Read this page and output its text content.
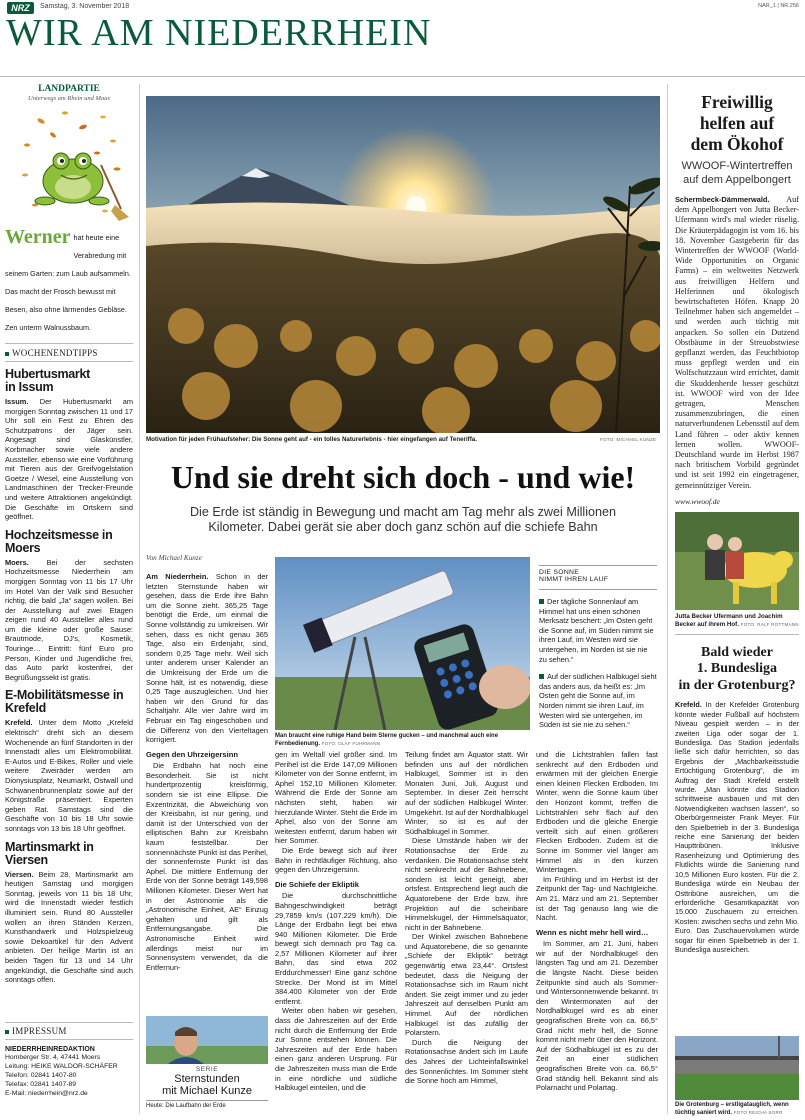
NRZ	Samstag, 3. November 2018	NAR_1 | NR.256
WIR AM NIEDERRHEIN
LANDPARTIE
Unterwegs am Rhein und Maas
Werner hat heute eine Verabredung mit seinem Garten: zum Laub aufsammeln. Das macht der Frosch bewusst mit Besen, also ohne lärmendes Gebläse. Zen unterm Walnussbaum.
WOCHENENDTIPPS
Hubertusmarkt in Issum
Issum. Der Hubertusmarkt am morgigen Sonntag zwischen 11 und 17 Uhr soll ein Fest zu Ehren des Schutzpatrons der Jäger sein. Angesagt sind Glaskünstler, Korbmacher sowie viele andere Aussteller, ebenso wie eine Vorführung mit Tieren aus der Greifvogelstation Goetze / Wesel, eine Ausstellung von Landmaschinen der Trecker-Freunde und weitere Attraktionen angekündigt. Die Geschäfte im Ortskern sind geöffnet.
Hochzeitsmesse in Moers
Moers. Bei der sechsten Hochzeitsmesse Niederrhein am morgigen Sonntag von 11 bis 17 Uhr im Hotel Van der Valk sind Besucher richtig, die bald „Ja“ sagen wollen. Bei der Ausstellung auf zwei Etagen zeigen rund 40 Aussteller alles rund um die kleine oder große Sause: Brautmode, DJ's, Kosmetik, Touringe… Eintritt: fünf Euro pro Person, Kinder und Jugendliche frei, das Auto parkt kostenfrei, der Begrüßungssekt ist gratis.
E-Mobilitätsmesse in Krefeld
Krefeld. Unter dem Motto „Krefeld elektrisch“ dreht sich an diesem Wochenende an fünf Standorten in der Innenstadt alles um Elektromobilität. E-Autos und E-Bikes, Roller und viele weitere Zweiräder werden am Dionysiusplatz, Neumarkt, Ostwall und Schwanenbrunnenplatz sowie auf der Königstraße präsentiert. Experten geben Rat. Samstags sind die Geschäfte von 10 bis 18 Uhr sowie sonntags von 13 bis 18 Uhr geöffnet.
Martinsmarkt in Viersen
Viersen. Beim 28. Martinsmarkt am heutigen Samstag und morgigen Sonntag, jeweils von 11 bis 18 Uhr, wird die Innenstadt wieder festlich illuminiert sein. Rund 80 Aussteller wollen an ihren Ständen Kerzen, Kunsthandwerk und Holzspielzeug sowie Dekoartikel für den Advent anbieten. Der heilige Martin ist an beiden Tagen für 13 und 14 Uhr angekündigt, die Geschäfte sind auch sonntags offen.
IMPRESSUM
NIEDERRHEINREDAKTION
Homberger Str. 4, 47441 Moers
Leitung: HEIKE WALDOR-SCHÄFER
Telefon: 02841 1407-80
Telefax: 02841 1407-89
E-Mail: niederrhein@nrz.de
Motivation für jeden Frühaufsteher: Die Sonne geht auf - ein tolles Naturerlebnis - hier eingefangen auf Teneriffa.	FOTO: MICHAEL KUNZE
Und sie dreht sich doch - und wie!
Die Erde ist ständig in Bewegung und macht am Tag mehr als zwei Millionen
Kilometer. Dabei gerät sie aber doch ganz schön auf die schiefe Bahn
Von Michael Kunze

Am Niederrhein. Schon in der letzten Sternstunde haben wir gesehen, dass die Erde ihre Bahn um die Sonne zieht. 365,25 Tage benötigt die Erde, um einmal die Sonne vollständig zu umkreisen. Wir sehen, dass es nicht genau 365 Tage, also ein Erdenjahr, sind, sondern 0,25 Tage mehr. Weil sich unter anderem unser Kalender an die Umkreisung der Erde um die Sonne hält, ist es notwendig, diese 0,25 Tage auszugleichen. Und hier haben wir den Grund für das Schaltjahr. Alle vier Jahre wird im Februar ein Tag eingeschoben und die Differenz von den Vierteltagen korrigiert.

Gegen den Uhrzeigersinn

Die Erdbahn hat noch eine Besonderheit. Sie ist nicht hundertprozentig kreisförmig, sondern sie ist eine Ellipse. Die Exzentrizität, die Abweichung von der Kreisbahn, ist nur gering, und damit ist der Unterschied von der elliptischen Bahn zur Kreisbahn kaum feststellbar. Der sonnennächste Punkt ist das Perihel, der sonnenfernste Punkt ist das Aphel. Die mittlere Entfernung der Erde von der Sonne beträgt 149,598 Millionen Kilometer. Dieser Wert hat in der Astronomie als die „Astronomische Einheit, AE“ Einzug gehalten und gilt als Entfernungsangabe. Die Astronomische Einheit wird allerdings meist nur im Sonnensystem verwendet, da die Entfernun-

Man braucht eine ruhige Hand beim Sterne gucken – und manchmal auch eine Fernbedienung. FOTO: OLAF FUHRMANN
DIE SONNE
NIMMT IHREN LAUF
Der tägliche Sonnenlauf am Himmel hat uns einen schönen Merksatz beschert: „Im Osten geht die Sonne auf, im Süden nimmt sie ihren Lauf, im Westen wird sie untergehen, im Norden ist sie nie zu sehen.“
Auf der südlichen Halbkugel sieht das anders aus, da heißt es: „Im Osten geht die Sonne auf, im Norden nimmt sie ihren Lauf, im Westen wird sie untergehen, im Süden ist sie nie zu sehen.“

gen im Weltall viel größer sind. Im Perihel ist die Erde 147,09 Millionen Kilometer von der Sonne entfernt, im Aphel 152,10 Millionen Kilometer. Während die Erde der Sonne am nächsten steht, haben wir hierzulande Winter. Steht die Erde im Aphel, also von der Sonne am weitesten entfernt, darum haben wir hier Sommer.

Die Erde bewegt sich auf ihrer Bahn in rechtläufiger Richtung, also gegen den Uhrzeigersinn.

Die Schiefe der Ekliptik

Die durchschnittliche Bahngeschwindigkeit beträgt 29,7859 km/s (107.229 km/h). Die Länge der Erdbahn liegt bei etwa 940 Millionen Kilometer. Die Erde bewegt sich demnach pro Tag ca. 2,57 Millionen Kilometer auf ihrer Bahn, das sind etwa 202 Erddurchmesser! Eine ganz schöne Strecke. Der Mond ist im Mittel 384.400 Kilometer von der Erde entfernt.

Weiter oben haben wir gesehen, dass die Jahreszeiten auf der Erde nicht durch die Entfernung der Erde zur Sonne entstehen können. Die Jahreszeiten auf der Erde haben einen ganz anderen Ursprung. Für die Jahreszeiten muss man die Erde in eine nördliche und südliche Halbkugel einteilen, und die

Teilung findet am Äquator statt. Wir befinden uns auf der nördlichen Halbkugel, Sommer ist in den Monaten Juni, Juli, August und September. In dieser Zeit herrscht auf der südlichen Halbkugel Winter. Umgekehrt. Ist auf der Nordhalbkugel Winter, so ist es auf der Südhalbkugel in Sommer.

Diese Umstände haben wir der Rotationsachse der Erde zu verdanken. Die Rotationsachse steht nicht senkrecht auf der Bahnebene, sondern ist leicht geneigt, aber ortsfest. Entsprechend liegt auch die Äquatorebene der Erde bzw. ihre Projektion auf die scheinbare Himmelskugel, der Himmelsäquator, nicht in der Bahnebene.

Der Winkel zwischen Bahnebene und Äquatorebene, die so genannte „Schiefe der Ekliptik“ beträgt gegenwärtig etwa 23,44°. Ortsfest bedeutet, dass die Neigung der Rotationsachse sich im Raum nicht ändert. Sie zeigt immer und zu jeder Jahreszeit auf denselben Punkt am Himmel. Auf der nördlichen Halbkugel ist das zufällig der Polarstern.

Durch die Neigung der Rotationsachse ändert sich im Laufe des Jahres der Lichteinfallswinkel des Sonnenlichtes. Im Sommer steht die Sonne hoch am Himmel,

und die Lichtstrahlen fallen fast senkrecht auf den Erdboden und erwärmen mit der gleichen Energie einen kleinen Flecken Erdboden. Im Winter, wenn die Sonne kaum über den Horizont kommt, treffen die Lichtstrahlen sehr flach auf den Erdboden und die gleiche Energie verteilt sich auf einen größeren Flecken Erdboden. Zudem ist die Sonne im Sommer viel länger am Himmel als in den kurzen Wintertagen.

Im Frühling und im Herbst ist der Zeitpunkt der Tag- und Nachtgleiche. Am 21. März und am 21. September ist der Tag genauso lang wie die Nacht.

Wenn es nicht mehr hell wird…

Im Sommer, am 21. Juni, haben wir auf der Nordhalbkugel den längsten Tag und am 21. Dezember die längste Nacht. Diese beiden Zeitpunkte sind auch als Sommer- und Wintersonnenwende bekannt. In den Wintermonaten auf der Nordhalbkugel wird es ab einer geografischen Breite von ca. 66,5° Grad nicht mehr hell, die Sonne kommt nicht mehr über den Horizont. Auf der Südhalbkugel ist es zu der Zeit an einer südlichen geografischen Breite von ca. 66,5° Grad ständig hell. Bekannt sind als Polarnacht und Polartag.

SERIE
Sternstunden
mit Michael Kunze
Heute: Die Laufbahn der Erde
Freiwillig
helfen auf
dem Ökohof
WWOOF-Wintertreffen
auf dem Appelbongert
Schermbeck-Dämmerwald. Auf dem Appelbongert von Jutta Becker-Ufermann wird's mal wieder rüselig. Die Kräuterpädagogin ist vom 16. bis 18. November Gastgeberin für das Wintertreffen der WWOOF (World-Wide Opportunities on Organic Farms) – ein weltweites Netzwerk aus freiwilligen Helfern und Helferinnen und ökologisch bewirtschafteten Höfen. Knapp 20 Teilnehmer haben sich angemeldet – und werden auch tüchtig mit anpacken. So sollen ein Dutzend Obstbäume in der Streuobstwiese gepflanzt werden, das Feuchtbiotop muss gepflegt werden und ein Wolfschutzzaun wird errichtet, damit die Skuddenherde besser geschützt ist. WWOOF wird von der Idee getragen, Menschen zusammenzubringen, die einen naturverbundenen Lebensstil auf dem Land führen – oder aktiv kennen lernen wollen. WWOOF-Deutschland wurde im Herbst 1987 nach britischem Vorbild gegründet und ist seit 1992 ein eingetragener, gemeinnütziger Verein.
www.wwoof.de
Jutta Becker Ufermann und Joachim Becker auf ihrem Hof. FOTO: RALF ROTTMANN
Bald wieder
1. Bundesliga
in der Grotenburg?
Krefeld. In der Krefelder Grotenburg könnte wieder Fußball auf höchstem Niveau gespielt werden – in der zweiten Liga oder sogar der 1. Bundesliga. Das Stadion jedenfalls ließe sich dafür herrichten, so das Ergebnis der „Machbarkeitsstudie Ertüchtigung Grotenburg“, die im Auftrag der Stadt Krefeld erstellt wurde. „Man könnte das Stadion schrittweise ausbauen und mit den Notwendigkeiten wachsen lassen“, so Oberbürgermeister Frank Meyer. Für den Spielbetrieb in der 3. Bundesliga reiche eine Sanierung der beiden Haupttribünen. Inklusive Rasenheizung und Optimierung des Flutlichts würde die Sanierung rund 10,5 Millionen Euro kosten. Für die 2. Bundesliga würde ein Neubau der Osttribüne ausreichen, um die erforderliche Gesamtkapazität von 15.000 Zuschauern zu erreichen. Kosten: zwischen sechs und zehn Mio. Euro. Das Zuschauervolumen würde sogar für einen Spielbetrieb in der 1. Bundesliga ausreichen.
Die Grotenburg – erstligatauglich, wenn tüchtig saniert wird. FOTO REICHA SORR
